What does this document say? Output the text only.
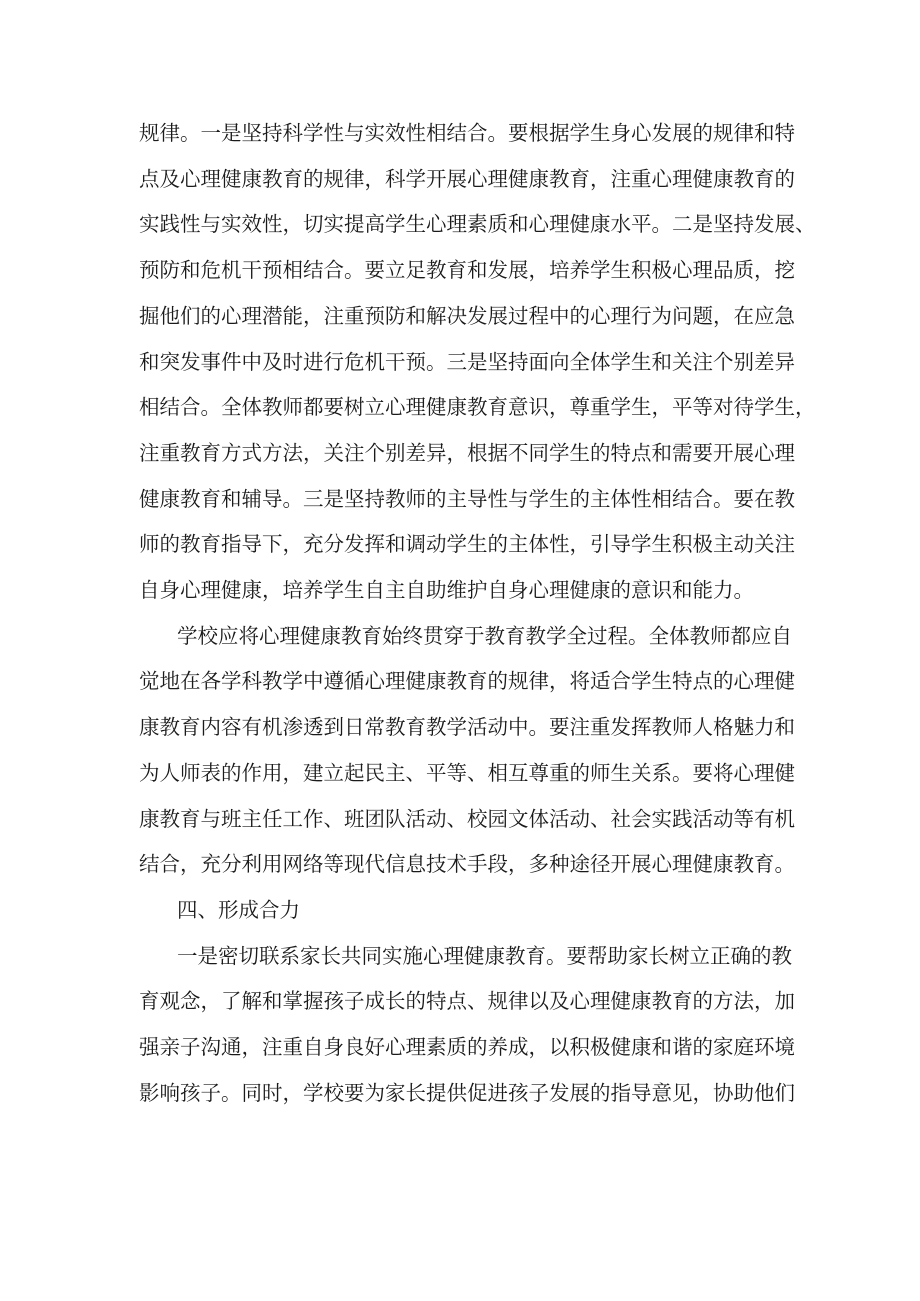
规律。一是坚持科学性与实效性相结合。要根据学生身心发展的规律和特
点及心理健康教育的规律，科学开展心理健康教育，注重心理健康教育的
实践性与实效性，切实提高学生心理素质和心理健康水平。二是坚持发展、
预防和危机干预相结合。要立足教育和发展，培养学生积极心理品质，挖
掘他们的心理潜能，注重预防和解决发展过程中的心理行为问题，在应急
和突发事件中及时进行危机干预。三是坚持面向全体学生和关注个别差异
相结合。全体教师都要树立心理健康教育意识，尊重学生，平等对待学生，
注重教育方式方法，关注个别差异，根据不同学生的特点和需要开展心理
健康教育和辅导。三是坚持教师的主导性与学生的主体性相结合。要在教
师的教育指导下，充分发挥和调动学生的主体性，引导学生积极主动关注
自身心理健康，培养学生自主自助维护自身心理健康的意识和能力。
学校应将心理健康教育始终贯穿于教育教学全过程。全体教师都应自
觉地在各学科教学中遵循心理健康教育的规律，将适合学生特点的心理健
康教育内容有机渗透到日常教育教学活动中。要注重发挥教师人格魅力和
为人师表的作用，建立起民主、平等、相互尊重的师生关系。要将心理健
康教育与班主任工作、班团队活动、校园文体活动、社会实践活动等有机
结合，充分利用网络等现代信息技术手段，多种途径开展心理健康教育。
四、形成合力
一是密切联系家长共同实施心理健康教育。要帮助家长树立正确的教
育观念，了解和掌握孩子成长的特点、规律以及心理健康教育的方法，加
强亲子沟通，注重自身良好心理素质的养成，以积极健康和谐的家庭环境
影响孩子。同时，学校要为家长提供促进孩子发展的指导意见，协助他们
